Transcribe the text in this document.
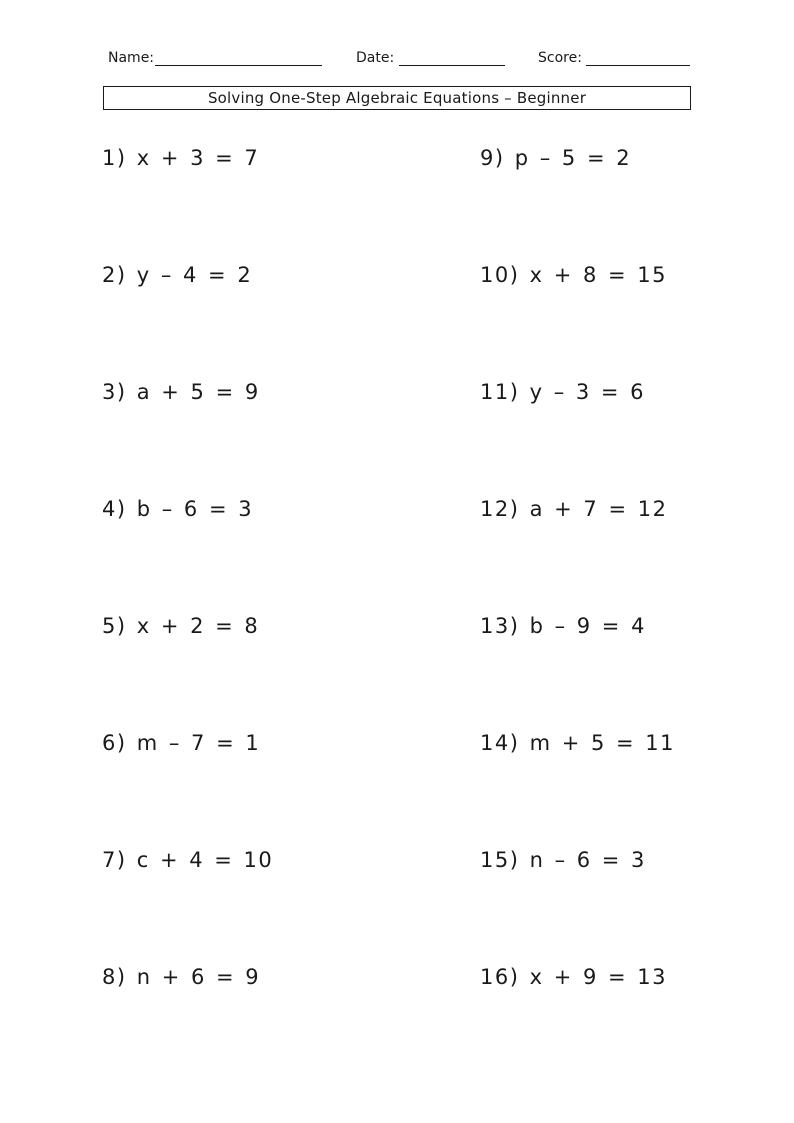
Name:	Date:	Score:
Solving One-Step Algebraic Equations – Beginner
1) x + 3 = 7
2) y – 4 = 2
3) a + 5 = 9
4) b – 6 = 3
5) x + 2 = 8
6) m – 7 = 1
7) c + 4 = 10
8) n + 6 = 9
9) p – 5 = 2
10) x + 8 = 15
11) y – 3 = 6
12) a + 7 = 12
13) b – 9 = 4
14) m + 5 = 11
15) n – 6 = 3
16) x + 9 = 13
